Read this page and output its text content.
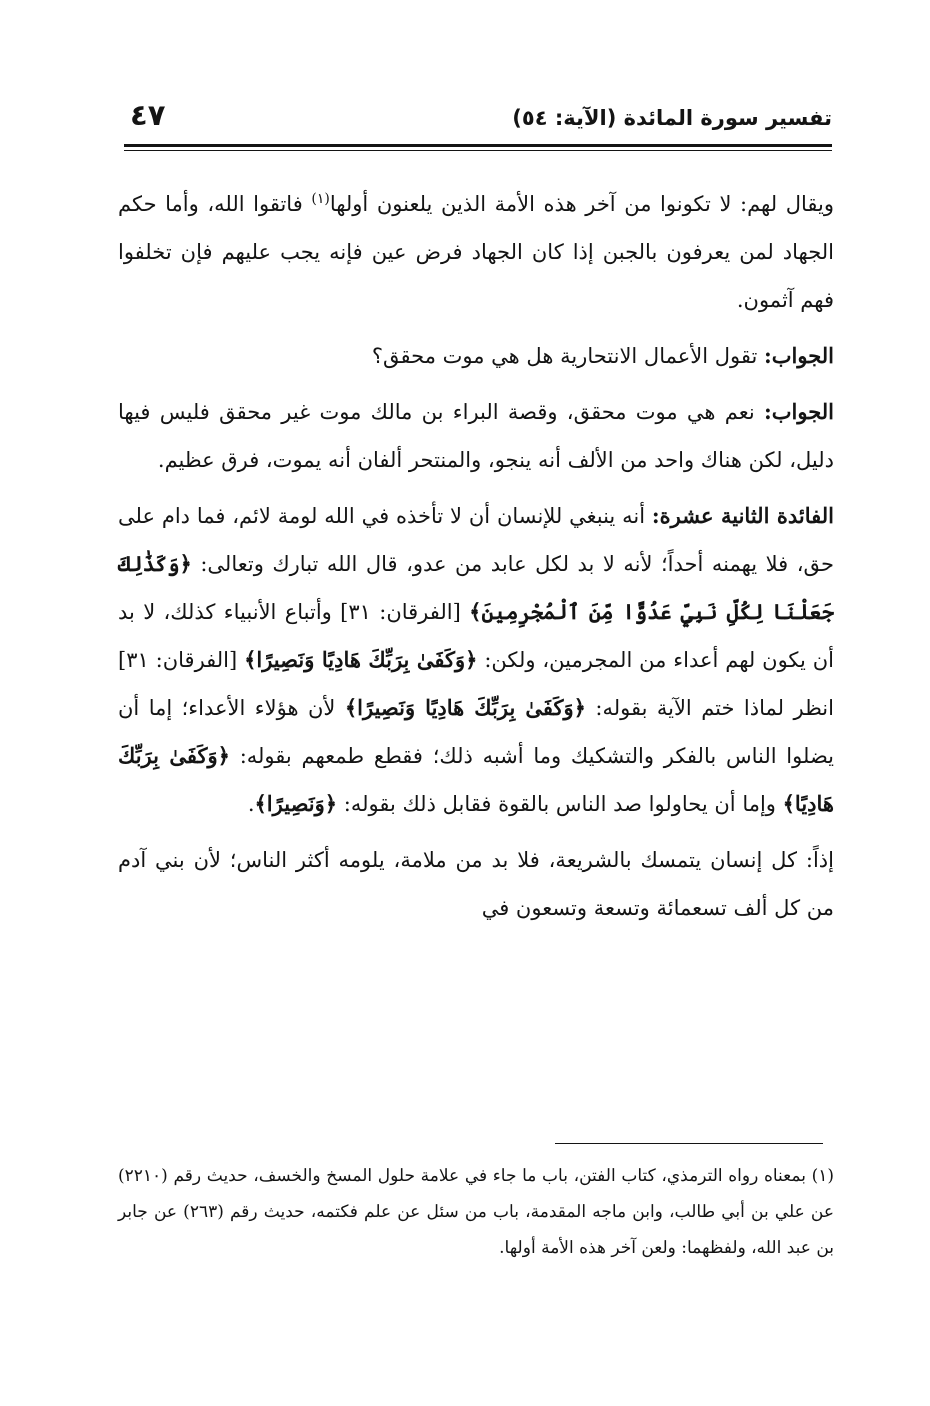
تفسير سورة المائدة (الآية: ٥٤)
٤٧

ويقال لهم: لا تكونوا من آخر هذه الأمة الذين يلعنون أولها$^{(١)}$ فاتقوا الله، وأما حكم الجهاد لمن يعرفون بالجبن إذا كان الجهاد فرض عين فإنه يجب عليهم فإن تخلفوا فهم آثمون.

الجواب: تقول الأعمال الانتحارية هل هي موت محقق؟

الجواب: نعم هي موت محقق، وقصة البراء بن مالك موت غير محقق فليس فيها دليل، لكن هناك واحد من الألف أنه ينجو، والمنتحر ألفان أنه يموت، فرق عظيم.

الفائدة الثانية عشرة: أنه ينبغي للإنسان أن لا تأخذه في الله لومة لائم، فما دام على حق، فلا يهمنه أحداً؛ لأنه لا بد لكل عابد من عدو، قال الله تبارك وتعالى: ﴿وَكَذَٰلِكَ جَعَلْنَا لِكُلِّ نَبِيٍّ عَدُوًّا مِّنَ ٱلْمُجْرِمِينَ﴾ [الفرقان: ٣١] وأتباع الأنبياء كذلك، لا بد أن يكون لهم أعداء من المجرمين، ولكن: ﴿وَكَفَىٰ بِرَبِّكَ هَادِيًا وَنَصِيرًا﴾ [الفرقان: ٣١] انظر لماذا ختم الآية بقوله: ﴿وَكَفَىٰ بِرَبِّكَ هَادِيًا وَنَصِيرًا﴾ لأن هؤلاء الأعداء؛ إما أن يضلوا الناس بالفكر والتشكيك وما أشبه ذلك؛ فقطع طمعهم بقوله: ﴿وَكَفَىٰ بِرَبِّكَ هَادِيًا﴾ وإما أن يحاولوا صد الناس بالقوة فقابل ذلك بقوله: ﴿وَنَصِيرًا﴾.

إذاً: كل إنسان يتمسك بالشريعة، فلا بد من ملامة، يلومه أكثر الناس؛ لأن بني آدم من كل ألف تسعمائة وتسعة وتسعون في

(١) بمعناه رواه الترمذي، كتاب الفتن، باب ما جاء في علامة حلول المسخ والخسف، حديث رقم (٢٢١٠) عن علي بن أبي طالب، وابن ماجه المقدمة، باب من سئل عن علم فكتمه، حديث رقم (٢٦٣) عن جابر بن عبد الله، ولفظهما: ولعن آخر هذه الأمة أولها.
